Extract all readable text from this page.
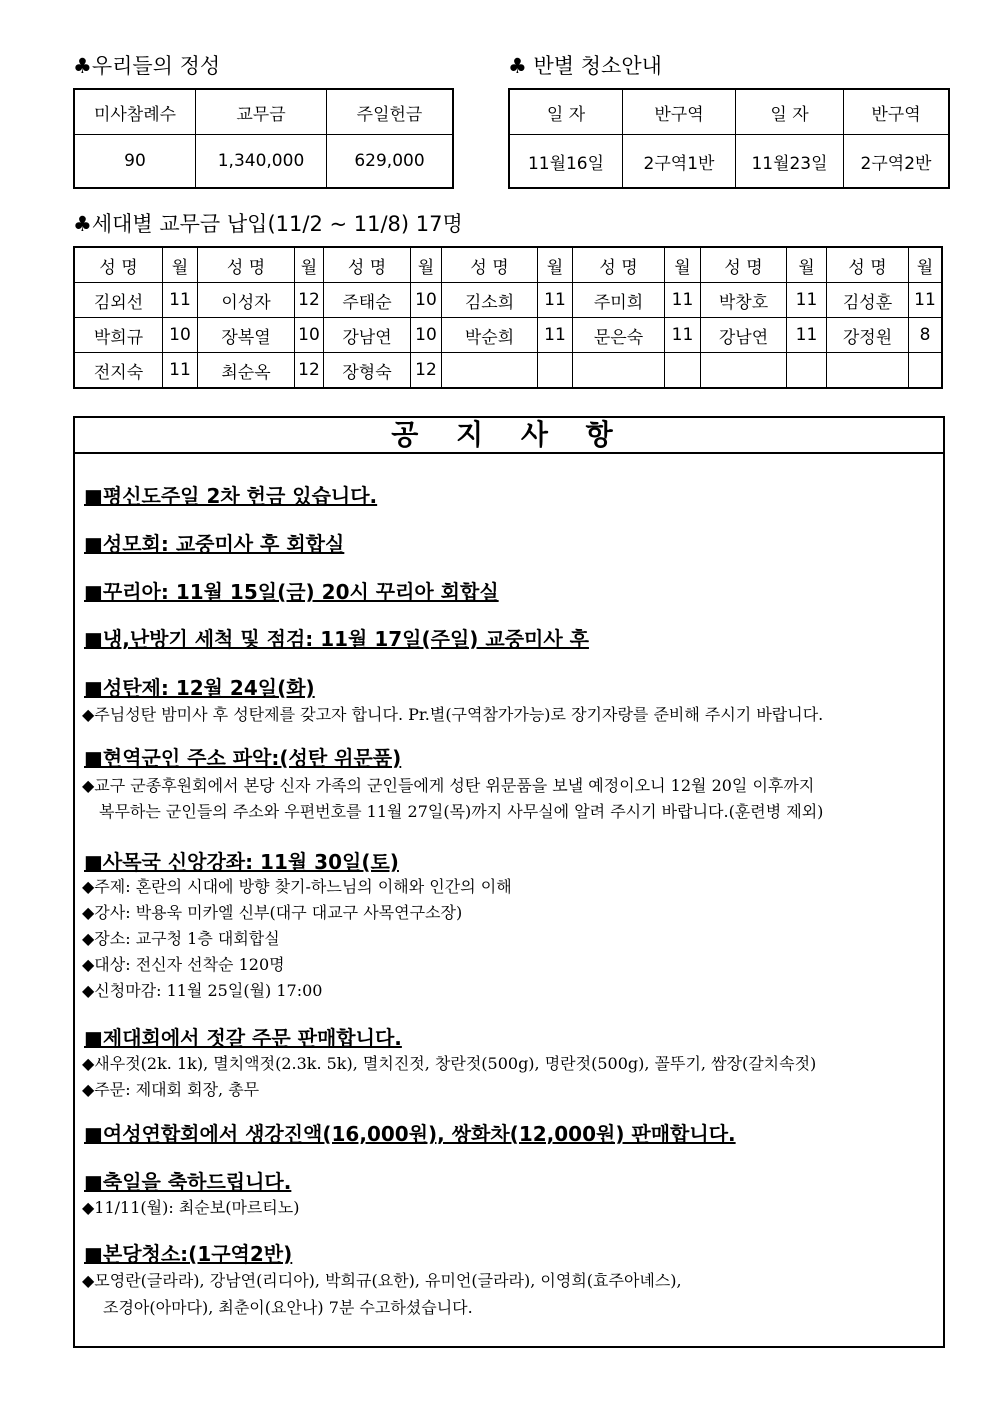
♣우리들의 정성
미사참례수	교무금	주일헌금
90	1,340,000	629,000
♣ 반별 청소안내
일 자	반구역	일 자	반구역
11월16일	2구역1반	11월23일	2구역2반
♣세대별 교무금 납입(11/2 ~ 11/8) 17명
성 명	월	성 명	월	성 명	월	성 명	월	성 명	월	성 명	월	성 명	월
김외선	11	이성자	12	주태순	10	김소희	11	주미희	11	박창호	11	김성훈	11
박희규	10	장복열	10	강남연	10	박순희	11	문은숙	11	강남연	11	강정원	8
전지숙	11	최순옥	12	장형숙	12								
공 지 사 항
■평신도주일 2차 헌금 있습니다.
■성모회: 교중미사 후 회합실
■꾸리아: 11월 15일(금) 20시 꾸리아 회합실
■냉,난방기 세척 및 점검: 11월 17일(주일) 교중미사 후
■성탄제: 12월 24일(화)
◆주님성탄 밤미사 후 성탄제를 갖고자 합니다. Pr.별(구역참가가능)로 장기자랑를 준비해 주시기 바랍니다.
■현역군인 주소 파악:(성탄 위문품)
◆교구 군종후원회에서 본당 신자 가족의 군인들에게 성탄 위문품을 보낼 예정이오니 12월 20일 이후까지
복무하는 군인들의 주소와 우편번호를 11월 27일(목)까지 사무실에 알려 주시기 바랍니다.(훈련병 제외)
■사목국 신앙강좌: 11월 30일(토)
◆주제: 혼란의 시대에 방향 찾기-하느님의 이해와 인간의 이해
◆강사: 박용욱 미카엘 신부(대구 대교구 사목연구소장)
◆장소: 교구청 1층 대회합실
◆대상: 전신자 선착순 120명
◆신청마감: 11월 25일(월) 17:00
■제대회에서 젓갈 주문 판매합니다.
◆새우젓(2k. 1k), 멸치액젓(2.3k. 5k), 멸치진젓, 창란젓(500g), 명란젓(500g), 꼴뚜기, 쌈장(갈치속젓)
◆주문: 제대회 회장, 총무
■여성연합회에서 생강진액(16,000원), 쌍화차(12,000원) 판매합니다.
■축일을 축하드립니다.
◆11/11(월): 최순보(마르티노)
■본당청소:(1구역2반)
◆모영란(글라라), 강남연(리디아), 박희규(요한), 유미언(글라라), 이영희(효주아녜스),
조경아(아마다), 최춘이(요안나) 7분 수고하셨습니다.
